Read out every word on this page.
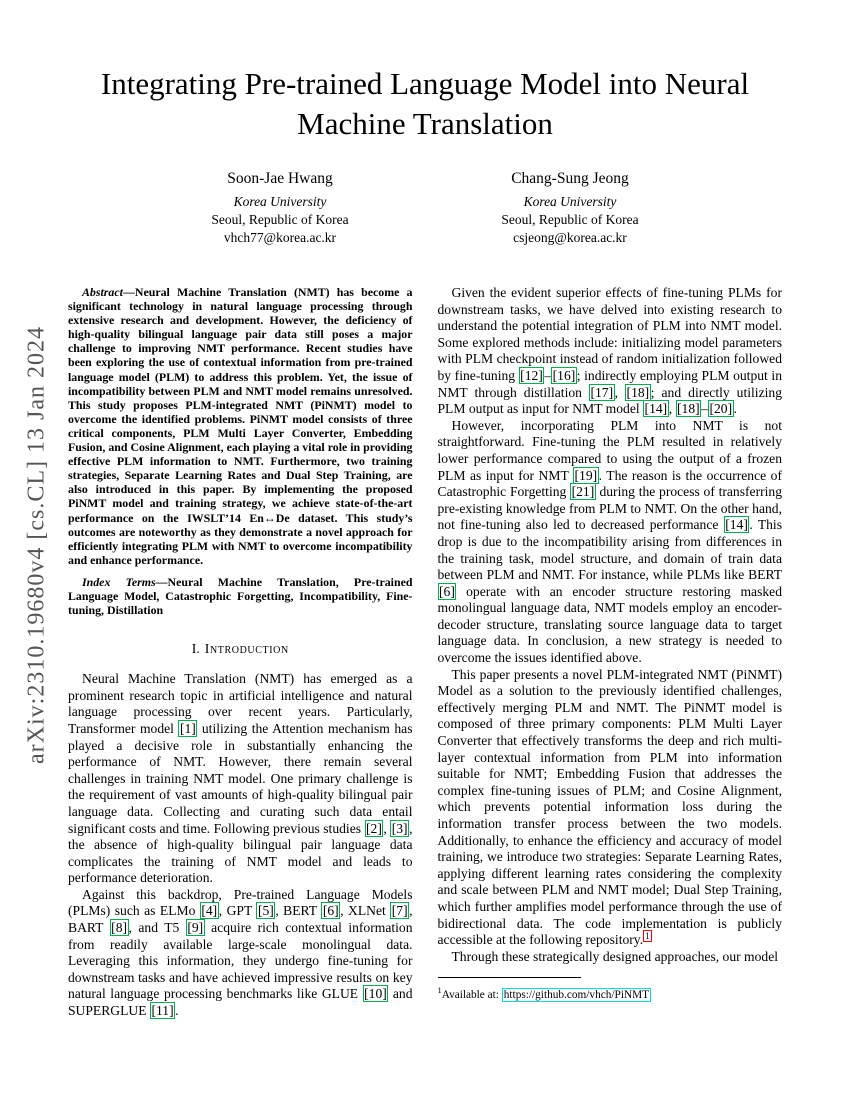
arXiv:2310.19680v4 [cs.CL] 13 Jan 2024
Integrating Pre-trained Language Model into Neural
Machine Translation
Soon-Jae Hwang
Korea University
Seoul, Republic of Korea
vhch77@korea.ac.kr
Chang-Sung Jeong
Korea University
Seoul, Republic of Korea
csjeong@korea.ac.kr

Abstract—Neural Machine Translation (NMT) has become a significant technology in natural language processing through extensive research and development. However, the deficiency of high-quality bilingual language pair data still poses a major challenge to improving NMT performance. Recent studies have been exploring the use of contextual information from pre-trained language model (PLM) to address this problem. Yet, the issue of incompatibility between PLM and NMT model remains unresolved. This study proposes PLM-integrated NMT (PiNMT) model to overcome the identified problems. PiNMT model consists of three critical components, PLM Multi Layer Converter, Embedding Fusion, and Cosine Alignment, each playing a vital role in providing effective PLM information to NMT. Furthermore, two training strategies, Separate Learning Rates and Dual Step Training, are also introduced in this paper. By implementing the proposed PiNMT model and training strategy, we achieve state-of-the-art performance on the IWSLT’14 En↔De dataset. This study’s outcomes are noteworthy as they demonstrate a novel approach for efficiently integrating PLM with NMT to overcome incompatibility and enhance performance.

Index Terms—Neural Machine Translation, Pre-trained Language Model, Catastrophic Forgetting, Incompatibility, Fine-tuning, Distillation

I. Introduction

Neural Machine Translation (NMT) has emerged as a prominent research topic in artificial intelligence and natural language processing over recent years. Particularly, Transformer model [1] utilizing the Attention mechanism has played a decisive role in substantially enhancing the performance of NMT. However, there remain several challenges in training NMT model. One primary challenge is the requirement of vast amounts of high-quality bilingual pair language data. Collecting and curating such data entail significant costs and time. Following previous studies [2] , [3] , the absence of high-quality bilingual pair language data complicates the training of NMT model and leads to performance deterioration.

Against this backdrop, Pre-trained Language Models (PLMs) such as ELMo [4] , GPT [5] , BERT [6] , XLNet [7] , BART [8] , and T5 [9] acquire rich contextual information from readily available large-scale monolingual data. Leveraging this information, they undergo fine-tuning for downstream tasks and have achieved impressive results on key natural language processing benchmarks like GLUE [10] and SUPERGLUE [11] .

Given the evident superior effects of fine-tuning PLMs for downstream tasks, we have delved into existing research to understand the potential integration of PLM into NMT model. Some explored methods include: initializing model parameters with PLM checkpoint instead of random initialization followed by fine-tuning [12] – [16] ; indirectly employing PLM output in NMT through distillation [17] , [18] ; and directly utilizing PLM output as input for NMT model [14] , [18] – [20] .

However, incorporating PLM into NMT is not straightforward. Fine-tuning the PLM resulted in relatively lower performance compared to using the output of a frozen PLM as input for NMT [19] . The reason is the occurrence of Catastrophic Forgetting [21] during the process of transferring pre-existing knowledge from PLM to NMT. On the other hand, not fine-tuning also led to decreased performance [14] . This drop is due to the incompatibility arising from differences in the training task, model structure, and domain of train data between PLM and NMT. For instance, while PLMs like BERT [6] operate with an encoder structure restoring masked monolingual language data, NMT models employ an encoder-decoder structure, translating source language data to target language data. In conclusion, a new strategy is needed to overcome the issues identified above.

This paper presents a novel PLM-integrated NMT (PiNMT) Model as a solution to the previously identified challenges, effectively merging PLM and NMT. The PiNMT model is composed of three primary components: PLM Multi Layer Converter that effectively transforms the deep and rich multi-layer contextual information from PLM into information suitable for NMT; Embedding Fusion that addresses the complex fine-tuning issues of PLM; and Cosine Alignment, which prevents potential information loss during the information transfer process between the two models. Additionally, to enhance the efficiency and accuracy of model training, we introduce two strategies: Separate Learning Rates, applying different learning rates considering the complexity and scale between PLM and NMT model; Dual Step Training, which further amplifies model performance through the use of bidirectional data. The code implementation is publicly accessible at the following repository. $^1$

Through these strategically designed approaches, our model

$^1$Available at: https://github.com/vhch/PiNMT
